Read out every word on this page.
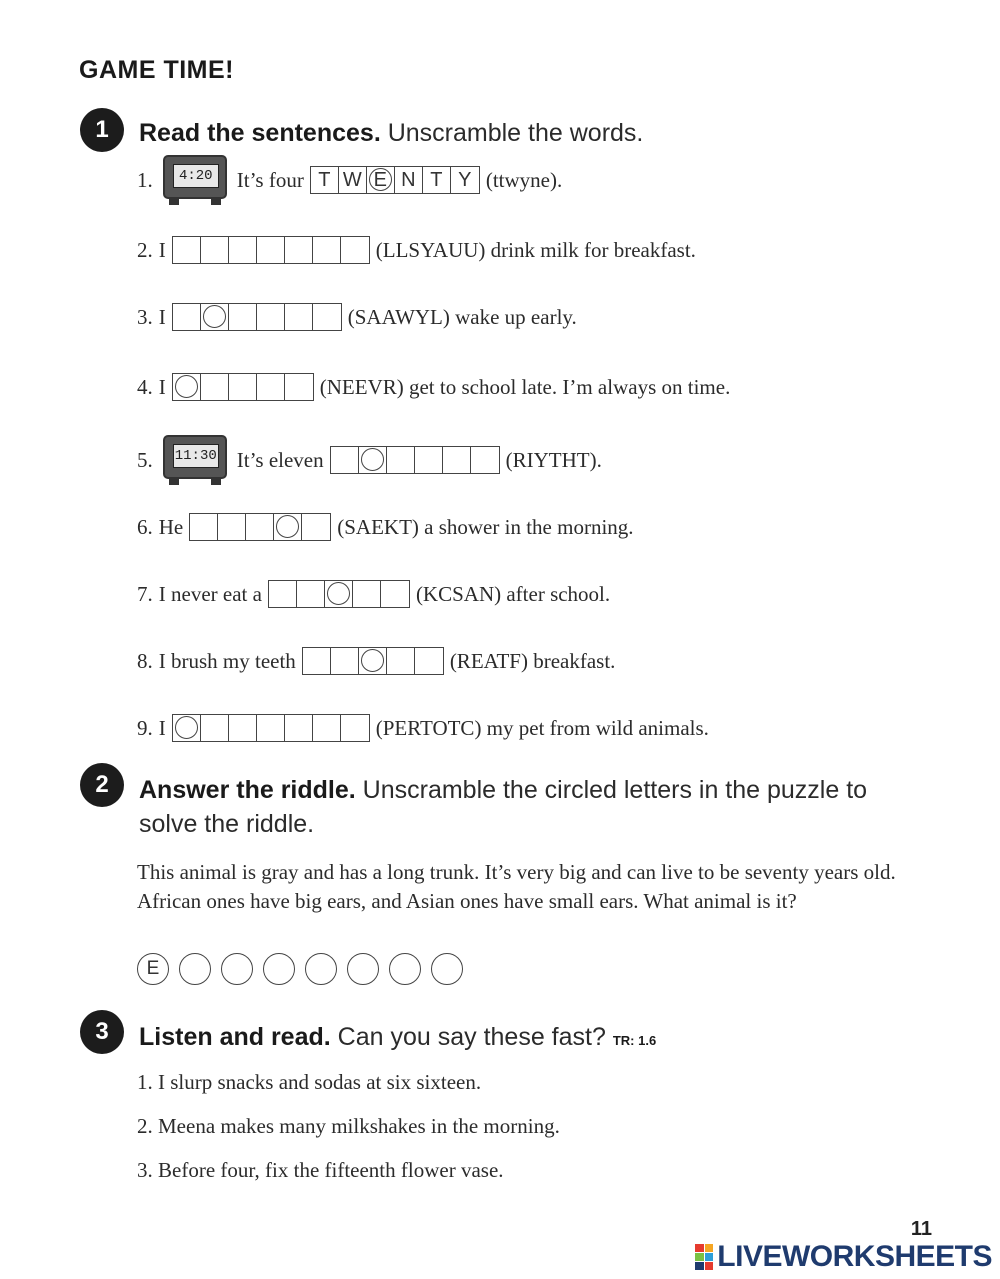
GAME TIME!
1	Read the sentences. Unscramble the words.
1.	4:20 It’s four T W E N T Y (ttwyne).
2. I	(LLSYAUU) drink milk for breakfast.
3. I	(SAAWYL) wake up early.
4. I	(NEEVR) get to school late. I’m always on time.
5. 11:30 It’s eleven	(RIYTHT).
6. He	(SAEKT) a shower in the morning.
7. I never eat a	(KCSAN) after school.
8. I brush my teeth	(REATF) breakfast.
9. I	(PERTOTC) my pet from wild animals.
2	Answer the riddle. Unscramble the circled letters in the puzzle to
solve the riddle.
This animal is gray and has a long trunk. It’s very big and can live to be seventy years old. African ones have big ears, and Asian ones have small ears. What animal is it?
E
3	Listen and read. Can you say these fast? TR: 1.6
1. I slurp snacks and sodas at six sixteen.
2. Meena makes many milkshakes in the morning.
3. Before four, fix the fifteenth flower vase.
11
LIVEWORKSHEETS
